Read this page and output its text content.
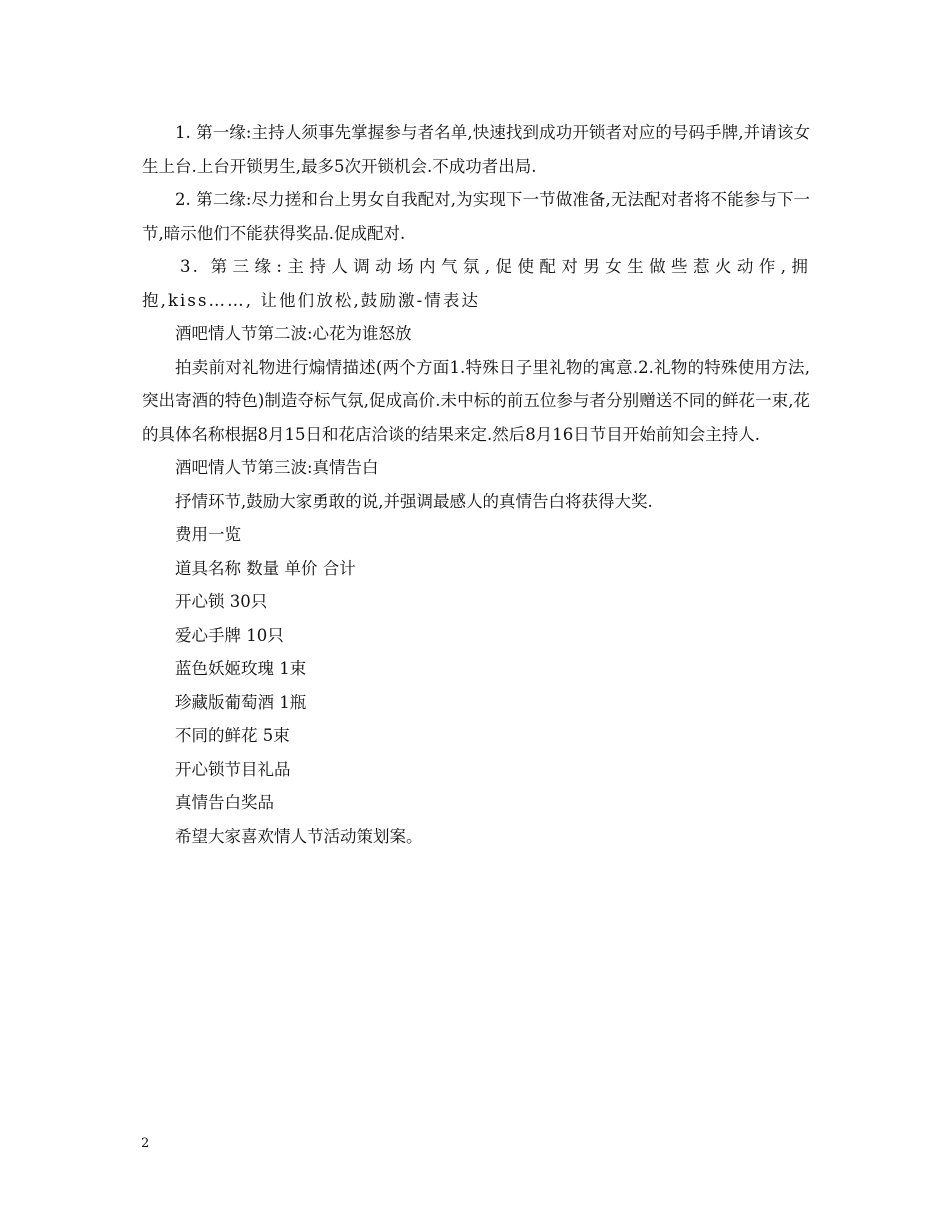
1. 第一缘:主持人须事先掌握参与者名单,快速找到成功开锁者对应的号码手牌,并请该女生上台.上台开锁男生,最多5次开锁机会.不成功者出局.

2. 第二缘:尽力搓和台上男女自我配对,为实现下一节做准备,无法配对者将不能参与下一节,暗示他们不能获得奖品.促成配对.

3. 第三缘:主持人调动场内气氛,促使配对男女生做些惹火动作,拥抱,kiss……, 让他们放松,鼓励激-情表达

酒吧情人节第二波:心花为谁怒放

拍卖前对礼物进行煽情描述(两个方面1.特殊日子里礼物的寓意.2.礼物的特殊使用方法,突出寄酒的特色)制造夺标气氛,促成高价.未中标的前五位参与者分别赠送不同的鲜花一束,花的具体名称根据8月15日和花店洽谈的结果来定.然后8月16日节目开始前知会主持人.

酒吧情人节第三波:真情告白

抒情环节,鼓励大家勇敢的说,并强调最感人的真情告白将获得大奖.

费用一览

道具名称 数量 单价 合计

开心锁 30只

爱心手牌 10只

蓝色妖姬玫瑰 1束

珍藏版葡萄酒 1瓶

不同的鲜花 5束

开心锁节目礼品

真情告白奖品

希望大家喜欢情人节活动策划案。

2
